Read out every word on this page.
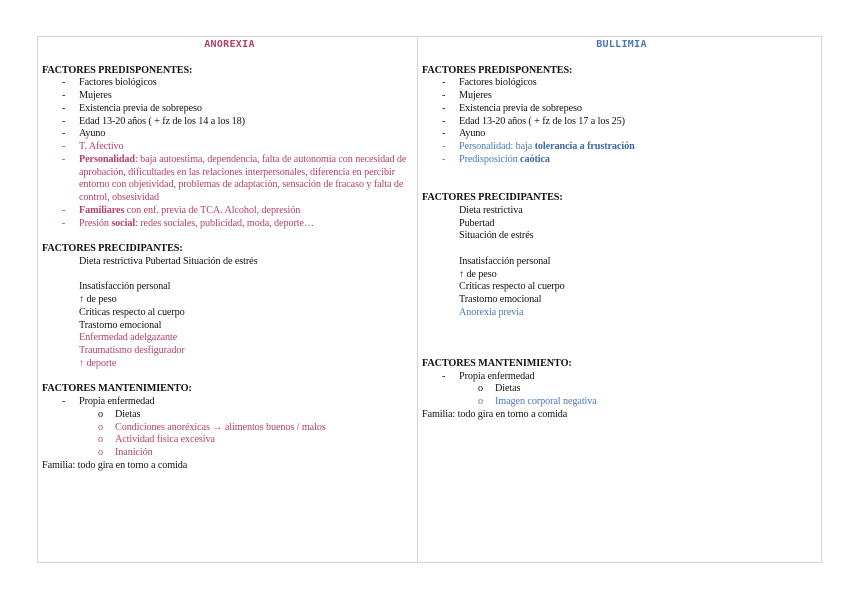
ANOREXIA
FACTORES PREDISPONENTES:
- Factores biológicos
- Mujeres
- Existencia previa de sobrepeso
- Edad 13-20 años ( + fz de los 14 a los 18)
- Ayuno
- T. Afectivo
- Personalidad: baja autoestima, dependencia, falta de autonomía con necesidad de aprobación, dificultades en las relaciones interpersonales, diferencia en percibir entorno con objetividad, problemas de adaptación, sensación de fracaso y falta de control, obsesividad
- Familiares con enf. previa de TCA. Alcohol, depresión
- Presión social: redes sociales, publicidad, moda, deporte…
FACTORES PRECIDIPANTES:
Dieta restrictiva Pubertad Situación de estrés
Insatisfacción personal
↑ de peso
Críticas respecto al cuerpo
Trastorno emocional
Enfermedad adelgazante
Traumatismo desfigurador
↑ deporte
FACTORES MANTENIMIENTO:
- Propia enfermedad
o Dietas
o Condiciones anoréxicas → alimentos buenos / malos
o Actividad física excesiva
o Inanición
Familia: todo gira en torno a comida
BULLIMIA
FACTORES PREDISPONENTES:
- Factores biológicos
- Mujeres
- Existencia previa de sobrepeso
- Edad 13-20 años ( + fz de los 17 a los 25)
- Ayuno
- Personalidad: baja tolerancia a frustración
- Predisposición caótica
FACTORES PRECIDIPANTES:
Dieta restrictiva
Pubertad
Situación de estrés
Insatisfacción personal
↑ de peso
Críticas respecto al cuerpo
Trastorno emocional
Anorexia previa
FACTORES MANTENIMIENTO:
- Propia enfermedad
o Dietas
o Imagen corporal negativa
Familia: todo gira en torno a comida
